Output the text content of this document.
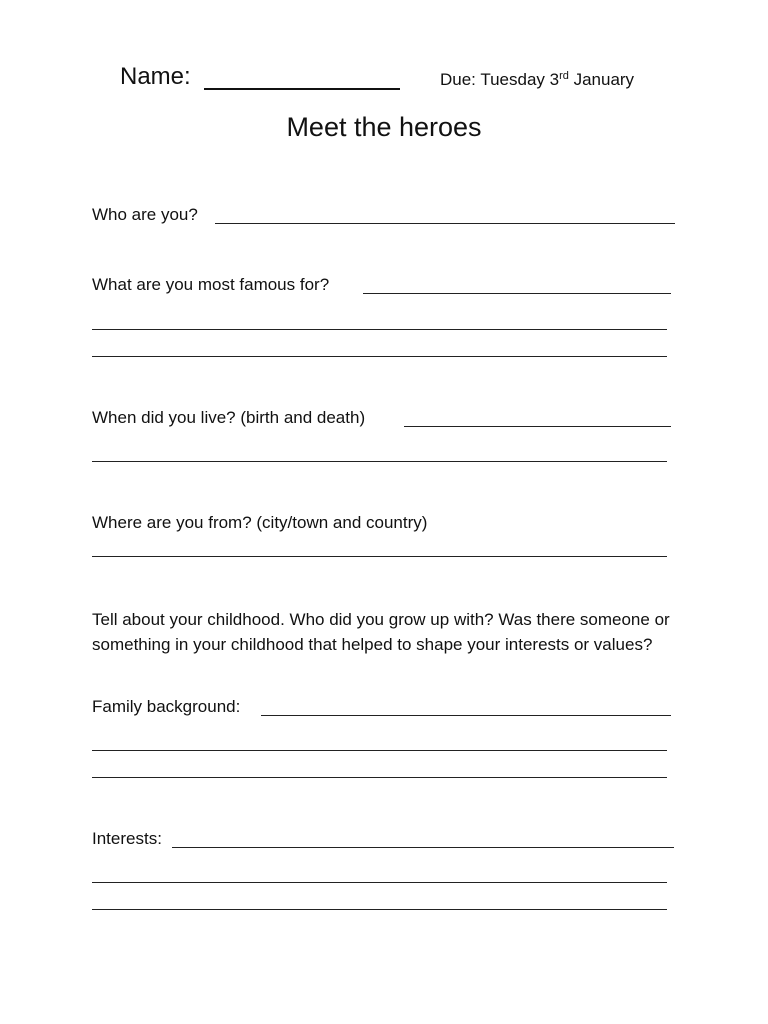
Name:	Due: Tuesday 3rd January
Meet the heroes
Who are you?
What are you most famous for?
When did you live? (birth and death)
Where are you from? (city/town and country)
Tell about your childhood. Who did you grow up with? Was there someone or something in your childhood that helped to shape your interests or values?
Family background:
Interests:
